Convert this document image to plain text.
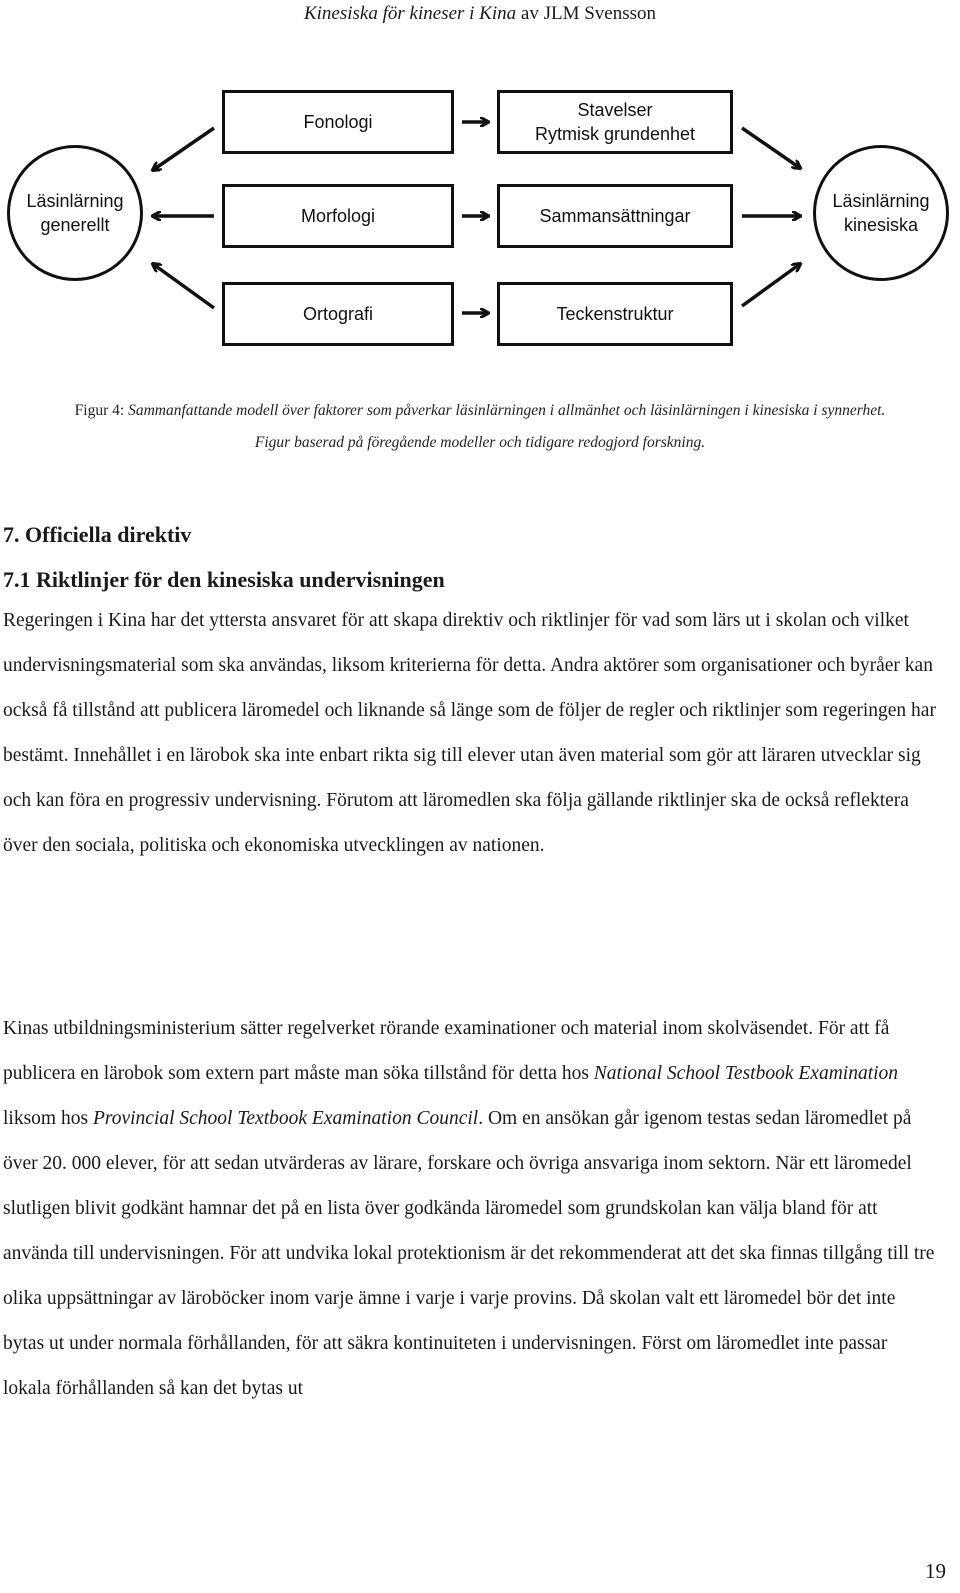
Kinesiska för kineser i Kina av JLM Svensson
Läsinlärning
generellt
Läsinlärning
kinesiska
Fonologi
Morfologi
Ortografi
Stavelser
Rytmisk grundenhet
Sammansättningar
Teckenstruktur
Figur 4: Sammanfattande modell över faktorer som påverkar läsinlärningen i allmänhet och läsinlärningen i kinesiska i synnerhet.
Figur baserad på föregående modeller och tidigare redogjord forskning.
7. Officiella direktiv
7.1 Riktlinjer för den kinesiska undervisningen

Regeringen i Kina har det yttersta ansvaret för att skapa direktiv och riktlinjer för vad som lärs ut i skolan och vilket undervisningsmaterial som ska användas, liksom kriterierna för detta. Andra aktörer som organisationer och byråer kan också få tillstånd att publicera läromedel och liknande så länge som de följer de regler och riktlinjer som regeringen har bestämt. Innehållet i en lärobok ska inte enbart rikta sig till elever utan även material som gör att läraren utvecklar sig och kan föra en progressiv undervisning. Förutom att läromedlen ska följa gällande riktlinjer ska de också reflektera över den sociala, politiska och ekonomiska utvecklingen av nationen.

Kinas utbildningsministerium sätter regelverket rörande examinationer och material inom skolväsendet. För att få publicera en lärobok som extern part måste man söka tillstånd för detta hos National School Testbook Examination liksom hos Provincial School Textbook Examination Council. Om en ansökan går igenom testas sedan läromedlet på över 20. 000 elever, för att sedan utvärderas av lärare, forskare och övriga ansvariga inom sektorn. När ett läromedel slutligen blivit godkänt hamnar det på en lista över godkända läromedel som grundskolan kan välja bland för att använda till undervisningen. För att undvika lokal protektionism är det rekommenderat att det ska finnas tillgång till tre olika uppsättningar av läroböcker inom varje ämne i varje i varje provins. Då skolan valt ett läromedel bör det inte bytas ut under normala förhållanden, för att säkra kontinuiteten i undervisningen. Först om läromedlet inte passar lokala förhållanden så kan det bytas ut

19
